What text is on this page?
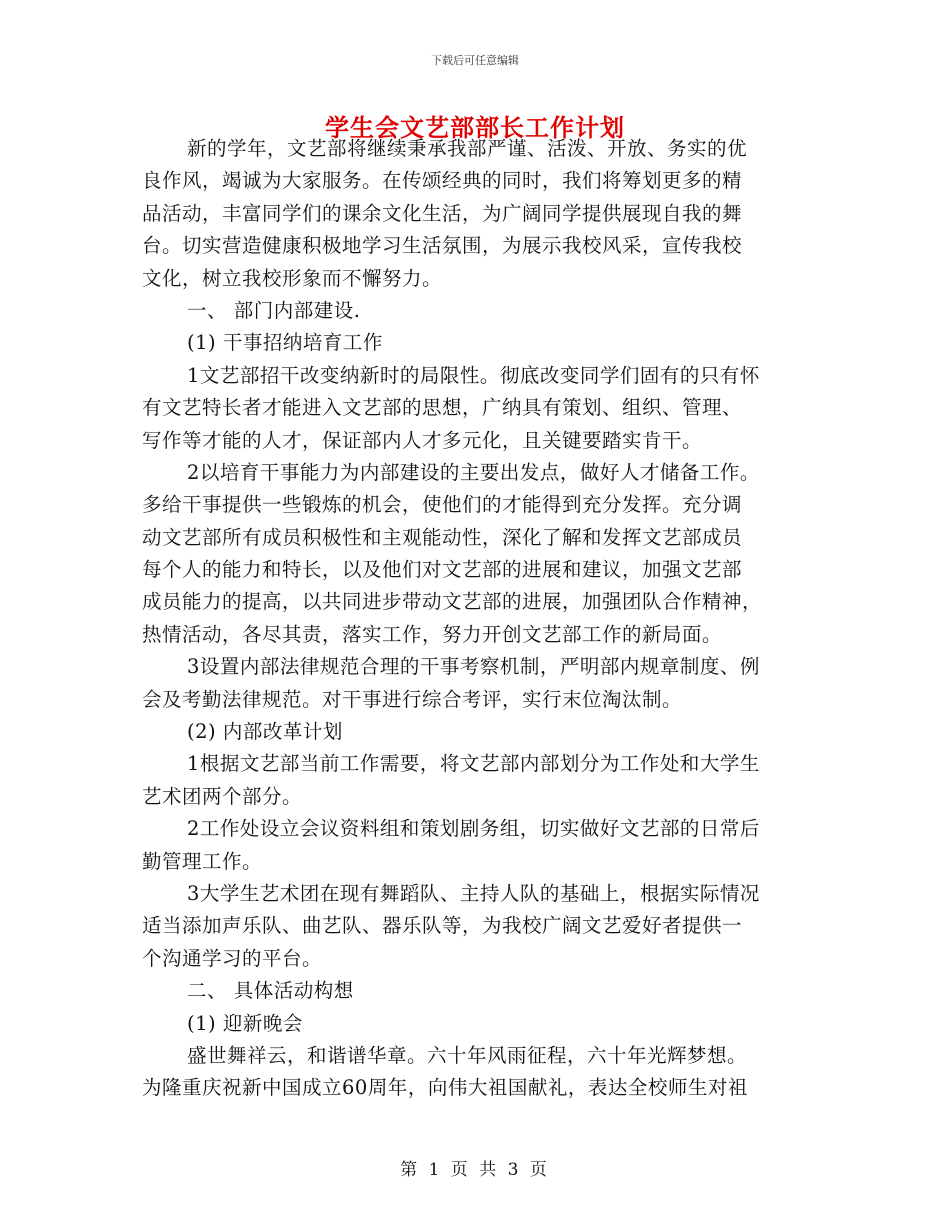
下载后可任意编辑
学生会文艺部部长工作计划
新的学年，文艺部将继续秉承我部严谨、活泼、开放、务实的优
良作风，竭诚为大家服务。在传颂经典的同时，我们将筹划更多的精
品活动，丰富同学们的课余文化生活，为广阔同学提供展现自我的舞
台。切实营造健康积极地学习生活氛围，为展示我校风采，宣传我校
文化，树立我校形象而不懈努力。
一、 部门内部建设.
(1) 干事招纳培育工作
1文艺部招干改变纳新时的局限性。彻底改变同学们固有的只有怀
有文艺特长者才能进入文艺部的思想，广纳具有策划、组织、管理、
写作等才能的人才，保证部内人才多元化，且关键要踏实肯干。
2以培育干事能力为内部建设的主要出发点，做好人才储备工作。
多给干事提供一些锻炼的机会，使他们的才能得到充分发挥。充分调
动文艺部所有成员积极性和主观能动性，深化了解和发挥文艺部成员
每个人的能力和特长，以及他们对文艺部的进展和建议，加强文艺部
成员能力的提高，以共同进步带动文艺部的进展，加强团队合作精神，
热情活动，各尽其责，落实工作，努力开创文艺部工作的新局面。
3设置内部法律规范合理的干事考察机制，严明部内规章制度、例
会及考勤法律规范。对干事进行综合考评，实行末位淘汰制。
(2) 内部改革计划
1根据文艺部当前工作需要，将文艺部内部划分为工作处和大学生
艺术团两个部分。
2工作处设立会议资料组和策划剧务组，切实做好文艺部的日常后
勤管理工作。
3大学生艺术团在现有舞蹈队、主持人队的基础上，根据实际情况
适当添加声乐队、曲艺队、器乐队等，为我校广阔文艺爱好者提供一
个沟通学习的平台。
二、 具体活动构想
(1) 迎新晚会
盛世舞祥云，和谐谱华章。六十年风雨征程，六十年光辉梦想。
为隆重庆祝新中国成立60周年，向伟大祖国献礼，表达全校师生对祖
第 1 页 共 3 页
